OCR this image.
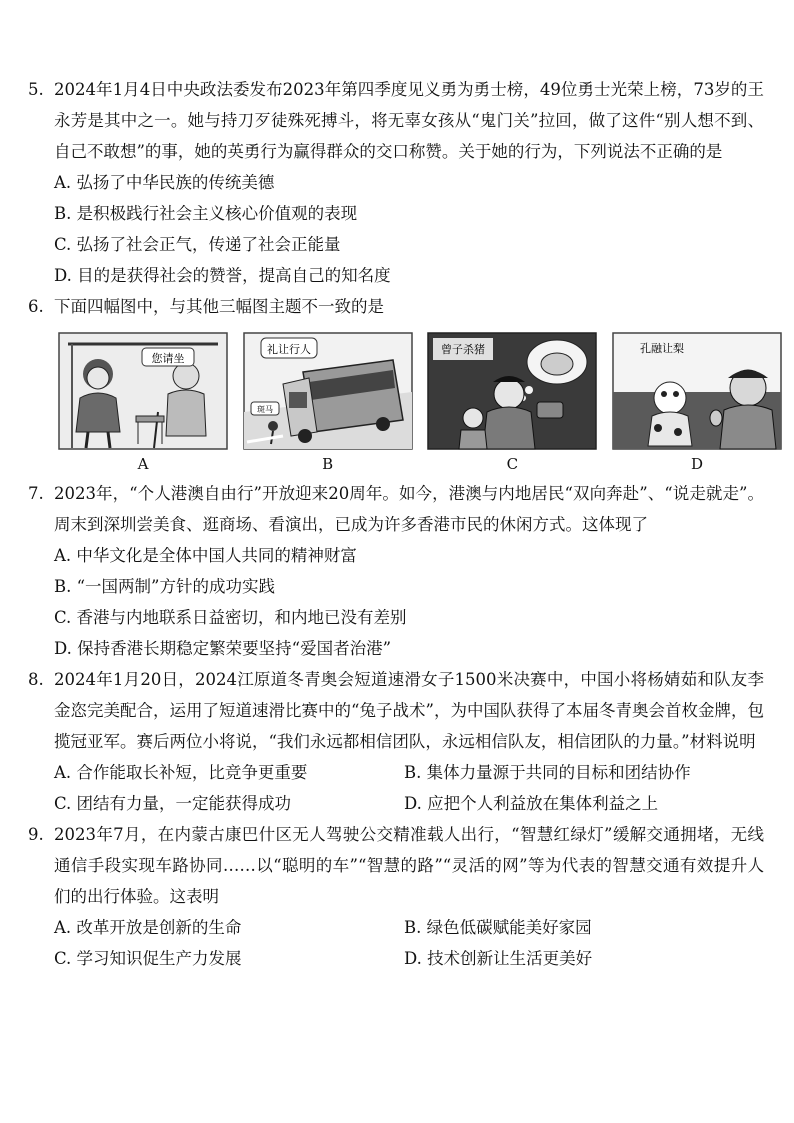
5. 2024年1月4日中央政法委发布2023年第四季度见义勇为勇士榜，49位勇士光荣上榜，73岁的王永芳是其中之一。她与持刀歹徒殊死搏斗，将无辜女孩从“鬼门关”拉回，做了这件“别人想不到、自己不敢想”的事，她的英勇行为赢得群众的交口称赞。关于她的行为，下列说法不正确的是
A. 弘扬了中华民族的传统美德
B. 是积极践行社会主义核心价值观的表现
C. 弘扬了社会正气，传递了社会正能量
D. 目的是获得社会的赞誉，提高自己的知名度
6. 下面四幅图中，与其他三幅图主题不一致的是
您请坐
A
礼让行人
斑马
B
曾子杀猪
C
孔融让梨
D
7. 2023年，“个人港澳自由行”开放迎来20周年。如今，港澳与内地居民“双向奔赴”、“说走就走”。周末到深圳尝美食、逛商场、看演出，已成为许多香港市民的休闲方式。这体现了
A. 中华文化是全体中国人共同的精神财富
B. “一国两制”方针的成功实践
C. 香港与内地联系日益密切，和内地已没有差别
D. 保持香港长期稳定繁荣要坚持“爱国者治港”
8. 2024年1月20日，2024江原道冬青奥会短道速滑女子1500米决赛中，中国小将杨婧茹和队友李金恣完美配合，运用了短道速滑比赛中的“兔子战术”，为中国队获得了本届冬青奥会首枚金牌，包揽冠亚军。赛后两位小将说，“我们永远都相信团队，永远相信队友，相信团队的力量。”材料说明
A. 合作能取长补短，比竞争更重要	B. 集体力量源于共同的目标和团结协作
C. 团结有力量，一定能获得成功	D. 应把个人利益放在集体利益之上
9. 2023年7月，在内蒙古康巴什区无人驾驶公交精准载人出行，“智慧红绿灯”缓解交通拥堵，无线通信手段实现车路协同……以“聪明的车”“智慧的路”“灵活的网”等为代表的智慧交通有效提升人们的出行体验。这表明
A. 改革开放是创新的生命	B. 绿色低碳赋能美好家园
C. 学习知识促生产力发展	D. 技术创新让生活更美好
